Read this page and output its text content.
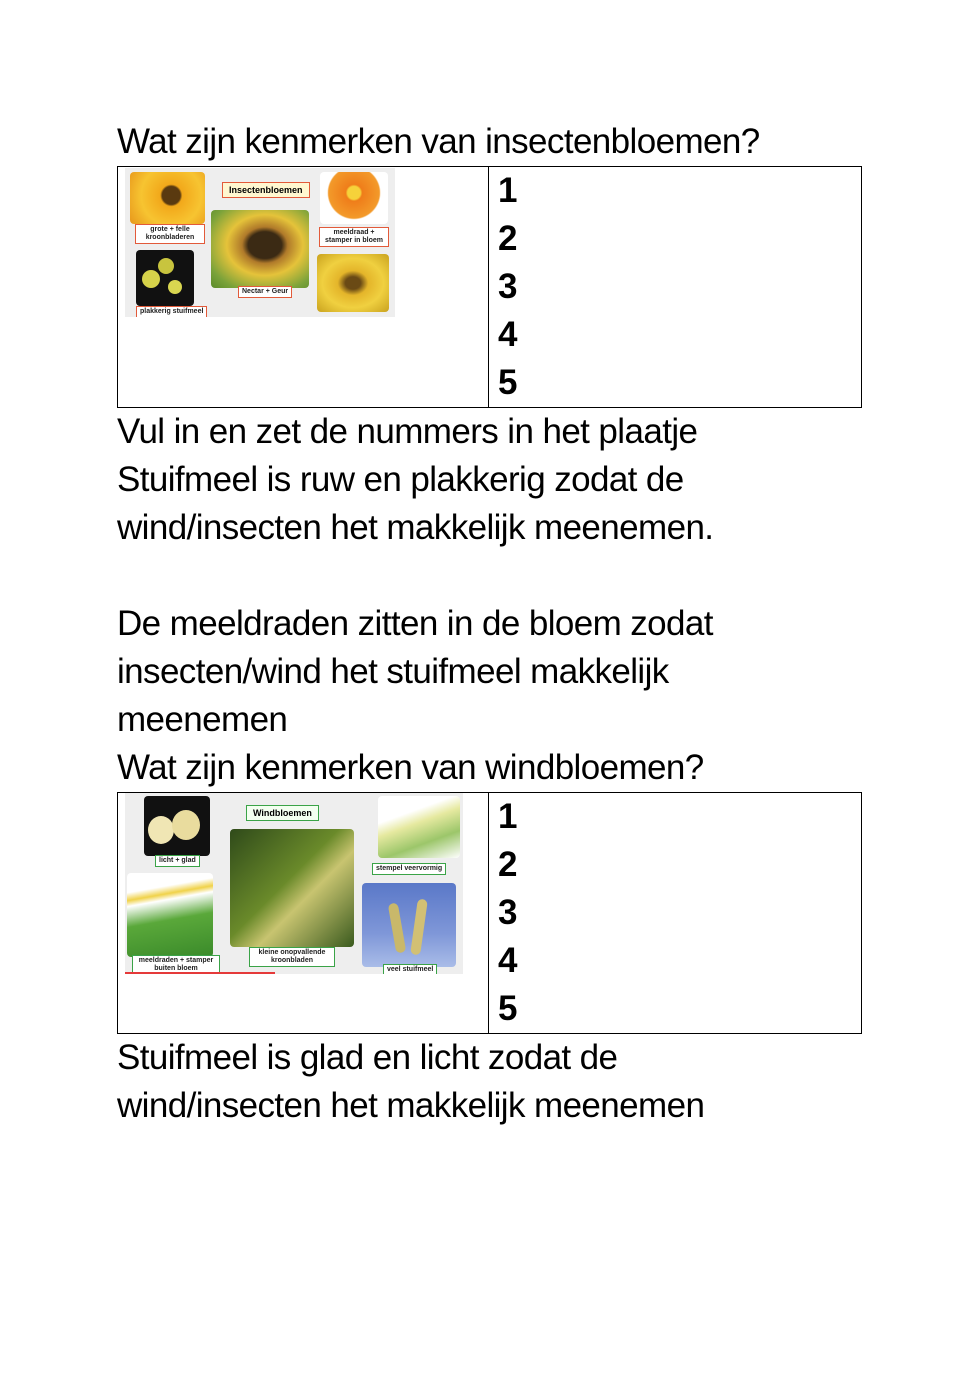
Wat zijn kenmerken van insectenbloemen?
grote + felle kroonbladeren
Insectenbloemen
Nectar + Geur
meeldraad + stamper in bloem
plakkerig stuifmeel

1
2
3
4
5
Vul in en zet de nummers in het plaatje
Stuifmeel is ruw en plakkerig zodat de
wind/insecten het makkelijk meenemen.
De meeldraden zitten in de bloem zodat
insecten/wind het stuifmeel makkelijk
meenemen
Wat zijn kenmerken van windbloemen?
licht + glad
Windbloemen
kleine onopvallende kroonbladen
stempel veervormig
meeldraden + stamper buiten bloem	veel stuifmeel

1
2
3
4
5
Stuifmeel is glad en licht zodat de
wind/insecten het makkelijk meenemen
